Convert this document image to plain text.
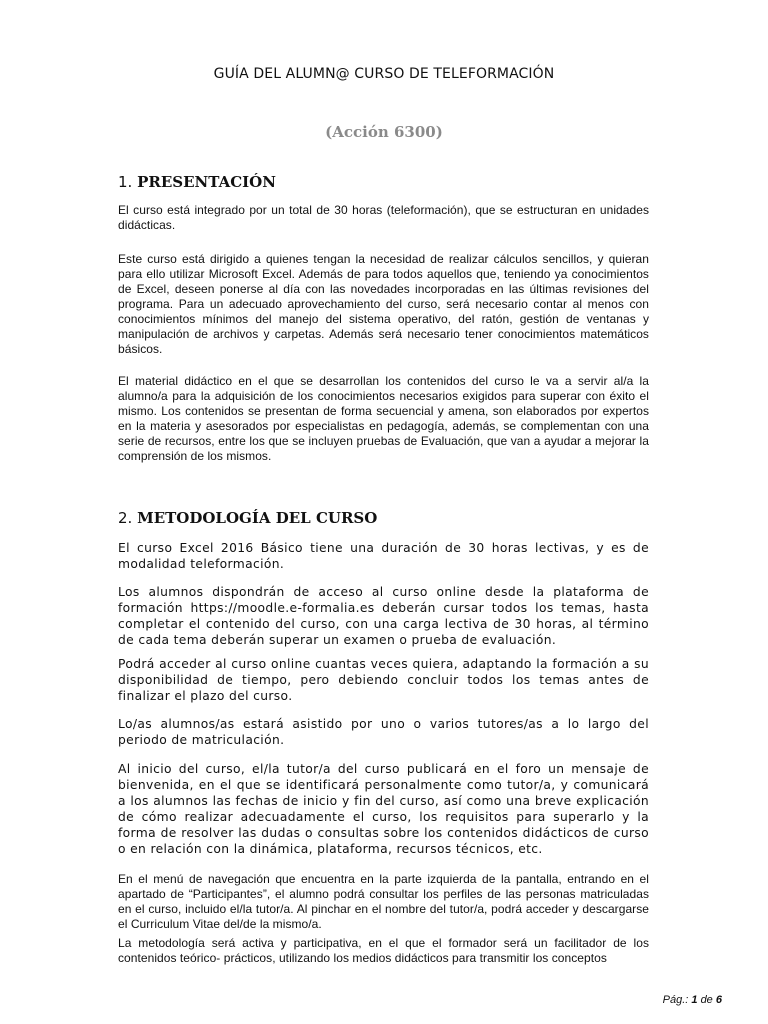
GUÍA DEL ALUMN@ CURSO DE TELEFORMACIÓN
(Acción 6300)
1. PRESENTACIÓN

El curso está integrado por un total de 30 horas (teleformación), que se estructuran en unidades didácticas.

Este curso está dirigido a quienes tengan la necesidad de realizar cálculos sencillos, y quieran para ello utilizar Microsoft Excel. Además de para todos aquellos que, teniendo ya conocimientos de Excel, deseen ponerse al día con las novedades incorporadas en las últimas revisiones del programa. Para un adecuado aprovechamiento del curso, será necesario contar al menos con conocimientos mínimos del manejo del sistema operativo, del ratón, gestión de ventanas y manipulación de archivos y carpetas. Además será necesario tener conocimientos matemáticos básicos.

El material didáctico en el que se desarrollan los contenidos del curso le va a servir al/a la alumno/a para la adquisición de los conocimientos necesarios exigidos para superar con éxito el mismo. Los contenidos se presentan de forma secuencial y amena, son elaborados por expertos en la materia y asesorados por especialistas en pedagogía, además, se complementan con una serie de recursos, entre los que se incluyen pruebas de Evaluación, que van a ayudar a mejorar la comprensión de los mismos.

2. METODOLOGÍA DEL CURSO

El curso Excel 2016 Básico tiene una duración de 30 horas lectivas, y es de modalidad teleformación.

Los alumnos dispondrán de acceso al curso online desde la plataforma de formación https://moodle.e-formalia.es deberán cursar todos los temas, hasta completar el contenido del curso, con una carga lectiva de 30 horas, al término de cada tema deberán superar un examen o prueba de evaluación.

Podrá acceder al curso online cuantas veces quiera, adaptando la formación a su disponibilidad de tiempo, pero debiendo concluir todos los temas antes de finalizar el plazo del curso.

Lo/as alumnos/as estará asistido por uno o varios tutores/as a lo largo del periodo de matriculación.

Al inicio del curso, el/la tutor/a del curso publicará en el foro un mensaje de bienvenida, en el que se identificará personalmente como tutor/a, y comunicará a los alumnos las fechas de inicio y fin del curso, así como una breve explicación de cómo realizar adecuadamente el curso, los requisitos para superarlo y la forma de resolver las dudas o consultas sobre los contenidos didácticos de curso o en relación con la dinámica, plataforma, recursos técnicos, etc.

En el menú de navegación que encuentra en la parte izquierda de la pantalla, entrando en el apartado de “Participantes”, el alumno podrá consultar los perfiles de las personas matriculadas en el curso, incluido el/la tutor/a. Al pinchar en el nombre del tutor/a, podrá acceder y descargarse el Curriculum Vitae del/de la mismo/a.

La metodología será activa y participativa, en el que el formador será un facilitador de los contenidos teórico- prácticos, utilizando los medios didácticos para transmitir los conceptos

Pág.: 1 de 6
